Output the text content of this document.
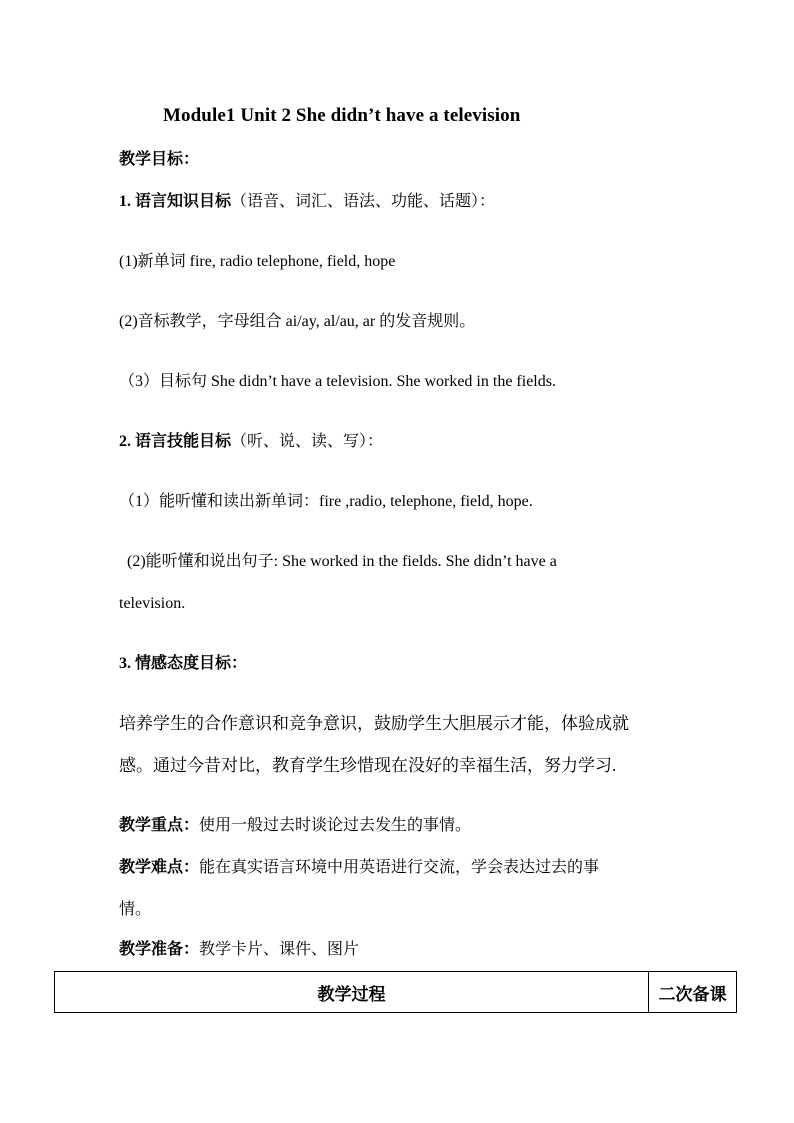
Module1 Unit 2 She didn’t have a television
教学目标：
1. 语言知识目标（语音、词汇、语法、功能、话题）：
(1)新单词 fire, radio telephone, field, hope
(2)音标教学，字母组合 ai/ay, al/au, ar 的发音规则。
（3）目标句 She didn’t have a television. She worked in the fields.
2. 语言技能目标（听、说、读、写）：
（1）能听懂和读出新单词：fire ,radio, telephone, field, hope.
(2)能听懂和说出句子: She worked in the fields. She didn’t have a
television.
3. 情感态度目标：
培养学生的合作意识和竞争意识，鼓励学生大胆展示才能，体验成就
感。通过今昔对比，教育学生珍惜现在没好的幸福生活，努力学习.
教学重点：使用一般过去时谈论过去发生的事情。
教学难点：能在真实语言环境中用英语进行交流，学会表达过去的事
情。
教学准备：教学卡片、课件、图片
教学过程	二次备课
